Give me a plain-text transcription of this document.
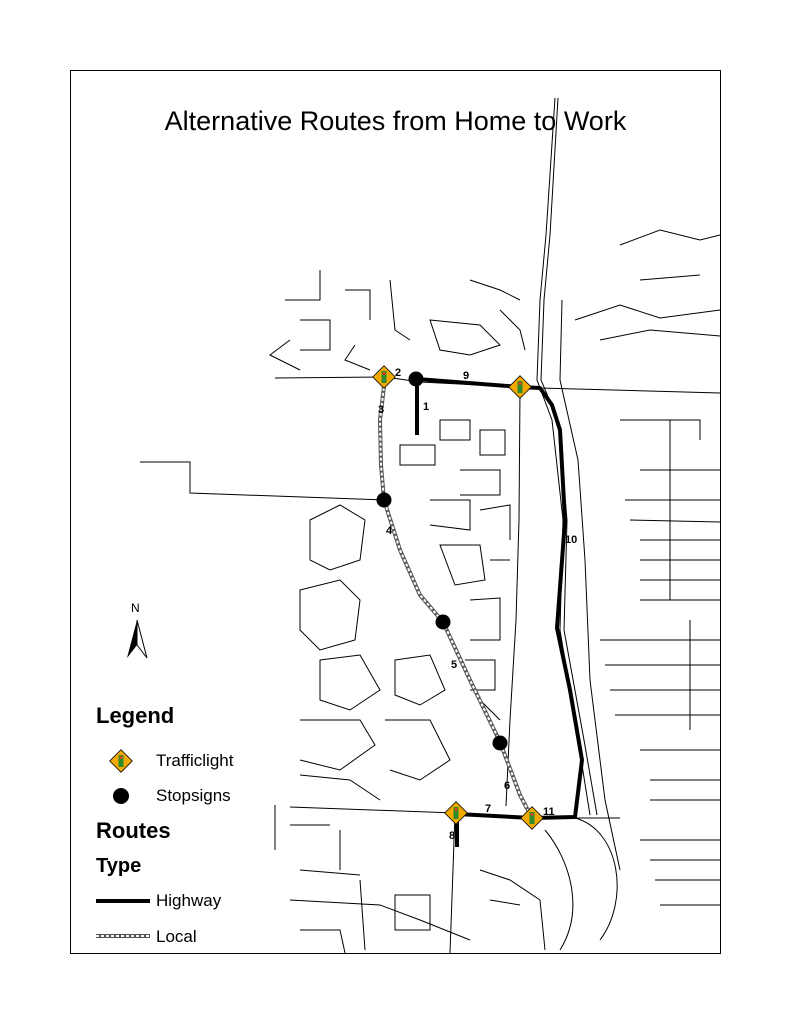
1
2
3
4
5
6
7
8
9
10
11
Alternative Routes from Home to Work
N
Legend
Trafficlight
Stopsigns
Routes
Type
Highway
Local
